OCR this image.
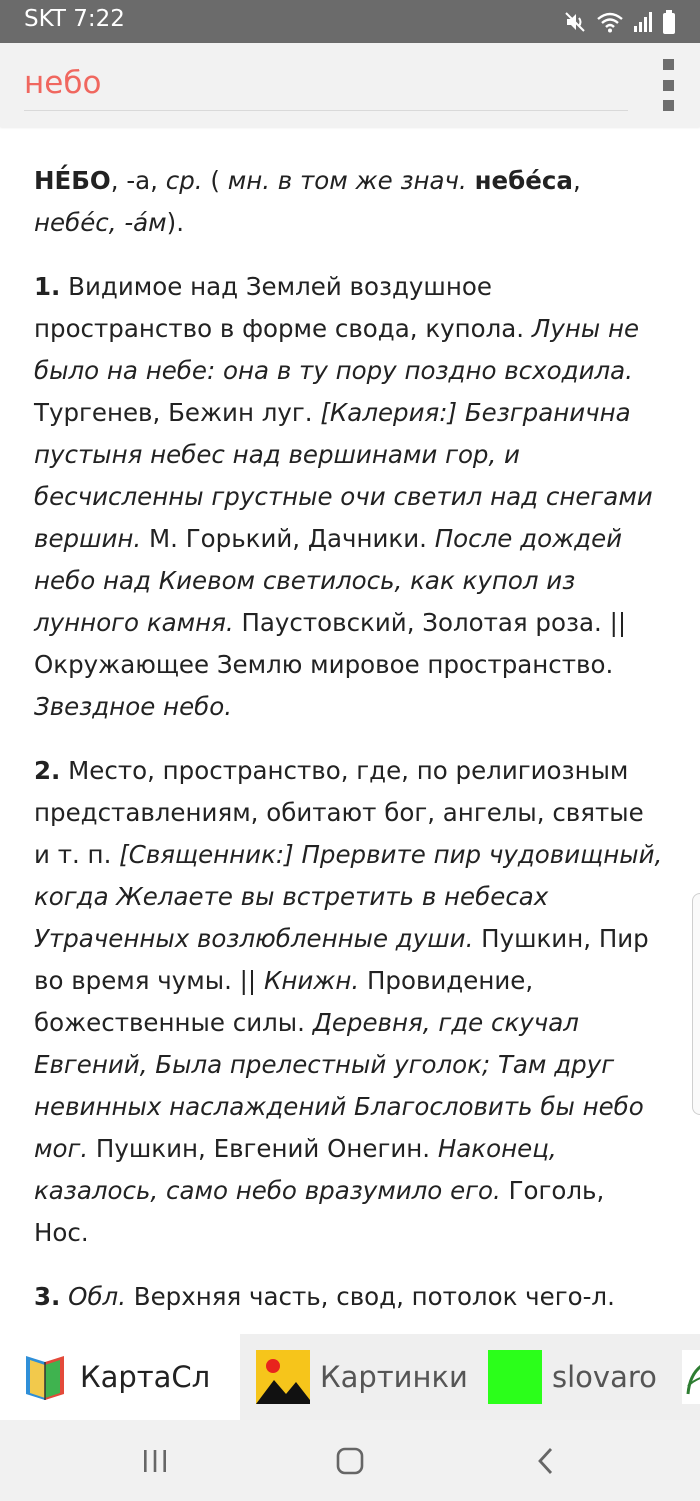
SKT 7:22
небо

НЕ́БО, -а, ср. ( мн. в том же знач. небе́са, небе́с, -а́м).

1. Видимое над Землей воздушное пространство в форме свода, купола. Луны не было на небе: она в ту пору поздно всходила. Тургенев, Бежин луг. [Калерия:] Безгранична пустыня небес над вершинами гор, и бесчисленны грустные очи светил над снегами вершин. М. Горький, Дачники. После дождей небо над Киевом светилось, как купол из лунного камня. Паустовский, Золотая роза. || Окружающее Землю мировое пространство. Звездное небо.

2. Место, пространство, где, по религиозным представлениям, обитают бог, ангелы, святые и т. п. [Священник:] Прервите пир чудовищный, когда Желаете вы встретить в небесах Утраченных возлюбленные души. Пушкин, Пир во время чумы. || Книжн. Провидение, божественные силы. Деревня, где скучал Евгений, Была прелестный уголок; Там друг невинных наслаждений Благословить бы небо мог. Пушкин, Евгений Онегин. Наконец, казалось, само небо вразумило его. Гоголь, Нос.

3. Обл. Верхняя часть, свод, потолок чего-л.

КартаСл	Картинки	slovaro
